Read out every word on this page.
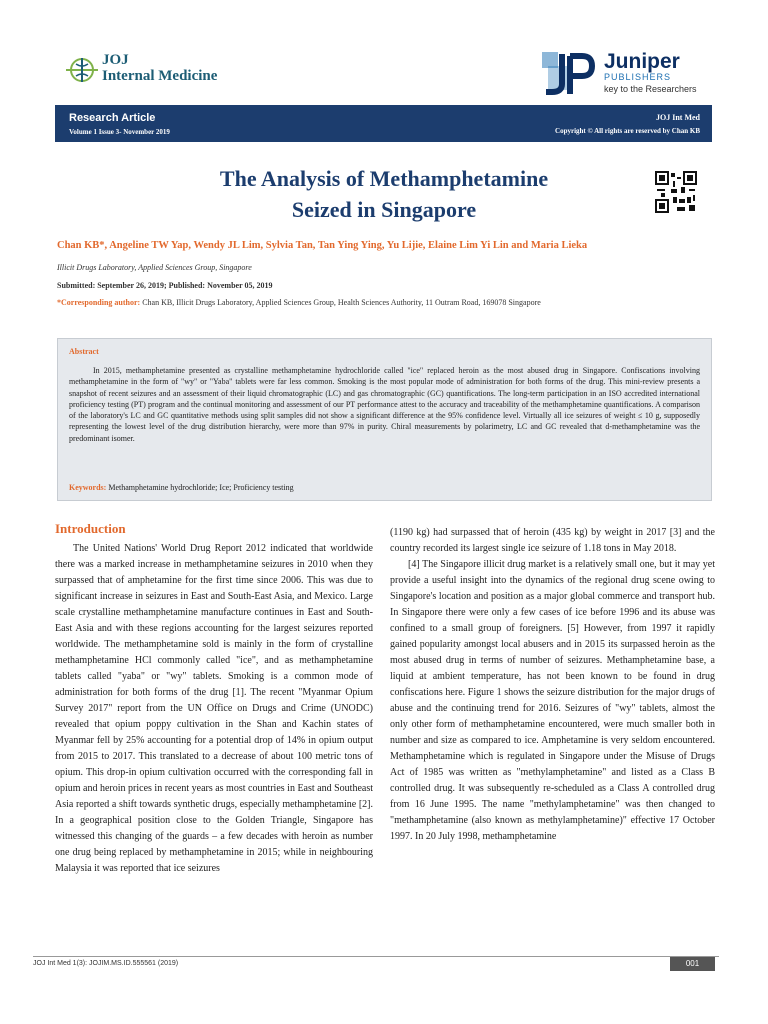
JOJ
Internal Medicine
Juniper
PUBLISHERS
key to the Researchers
Research Article
Volume 1 Issue 3- November 2019
JOJ Int Med
Copyright © All rights are reserved by Chan KB
The Analysis of Methamphetamine
Seized in Singapore
Chan KB*, Angeline TW Yap, Wendy JL Lim, Sylvia Tan, Tan Ying Ying, Yu Lijie, Elaine Lim Yi Lin and Maria Lieka
Illicit Drugs Laboratory, Applied Sciences Group, Singapore
Submitted: September 26, 2019; Published: November 05, 2019
*Corresponding author: Chan KB, Illicit Drugs Laboratory, Applied Sciences Group, Health Sciences Authority, 11 Outram Road, 169078 Singapore
Abstract
In 2015, methamphetamine presented as crystalline methamphetamine hydrochloride called "ice" replaced heroin as the most abused drug in Singapore. Confiscations involving methamphetamine in the form of "wy" or "Yaba" tablets were far less common. Smoking is the most popular mode of administration for both forms of the drug. This mini-review presents a snapshot of recent seizures and an assessment of their liquid chromatographic (LC) and gas chromatographic (GC) quantifications. The long-term participation in an ISO accredited international proficiency testing (PT) program and the continual monitoring and assessment of our PT performance attest to the accuracy and traceability of the methamphetamine quantifications. A comparison of the laboratory's LC and GC quantitative methods using split samples did not show a significant difference at the 95% confidence level. Virtually all ice seizures of weight ≤ 10 g, supposedly representing the lowest level of the drug distribution hierarchy, were more than 97% in purity. Chiral measurements by polarimetry, LC and GC revealed that d-methamphetamine was the predominant isomer.
Keywords: Methamphetamine hydrochloride; Ice; Proficiency testing
Introduction

The United Nations' World Drug Report 2012 indicated that worldwide there was a marked increase in methamphetamine seizures in 2010 when they surpassed that of amphetamine for the first time since 2006. This was due to significant increase in seizures in East and South-East Asia, and Mexico. Large scale crystalline methamphetamine manufacture continues in East and South-East Asia and with these regions accounting for the largest seizures reported worldwide. The methamphetamine sold is mainly in the form of crystalline methamphetamine HCl commonly called "ice", and as methamphetamine tablets called "yaba" or "wy" tablets. Smoking is a common mode of administration for both forms of the drug [1]. The recent "Myanmar Opium Survey 2017" report from the UN Office on Drugs and Crime (UNODC) revealed that opium poppy cultivation in the Shan and Kachin states of Myanmar fell by 25% accounting for a potential drop of 14% in opium output from 2015 to 2017. This translated to a decrease of about 100 metric tons of opium. This drop-in opium cultivation occurred with the corresponding fall in opium and heroin prices in recent years as most countries in East and Southeast Asia reported a shift towards synthetic drugs, especially methamphetamine [2]. In a geographical position close to the Golden Triangle, Singapore has witnessed this changing of the guards – a few decades with heroin as number one drug being replaced by methamphetamine in 2015; while in neighbouring Malaysia it was reported that ice seizures

(1190 kg) had surpassed that of heroin (435 kg) by weight in 2017 [3] and the country recorded its largest single ice seizure of 1.18 tons in May 2018.

[4] The Singapore illicit drug market is a relatively small one, but it may yet provide a useful insight into the dynamics of the regional drug scene owing to Singapore's location and position as a major global commerce and transport hub. In Singapore there were only a few cases of ice before 1996 and its abuse was confined to a small group of foreigners. [5] However, from 1997 it rapidly gained popularity amongst local abusers and in 2015 its surpassed heroin as the most abused drug in terms of number of seizures. Methamphetamine base, a liquid at ambient temperature, has not been known to be found in drug confiscations here. Figure 1 shows the seizure distribution for the major drugs of abuse and the continuing trend for 2016. Seizures of "wy" tablets, almost the only other form of methamphetamine encountered, were much smaller both in number and size as compared to ice. Amphetamine is very seldom encountered. Methamphetamine which is regulated in Singapore under the Misuse of Drugs Act of 1985 was written as "methylamphetamine" and listed as a Class B controlled drug. It was subsequently re-scheduled as a Class A controlled drug from 16 June 1995. The name "methylamphetamine" was then changed to "methamphetamine (also known as methylamphetamine)" effective 17 October 1997. In 20 July 1998, methamphetamine

JOJ Int Med 1(3): JOJIM.MS.ID.555561 (2019)	001
